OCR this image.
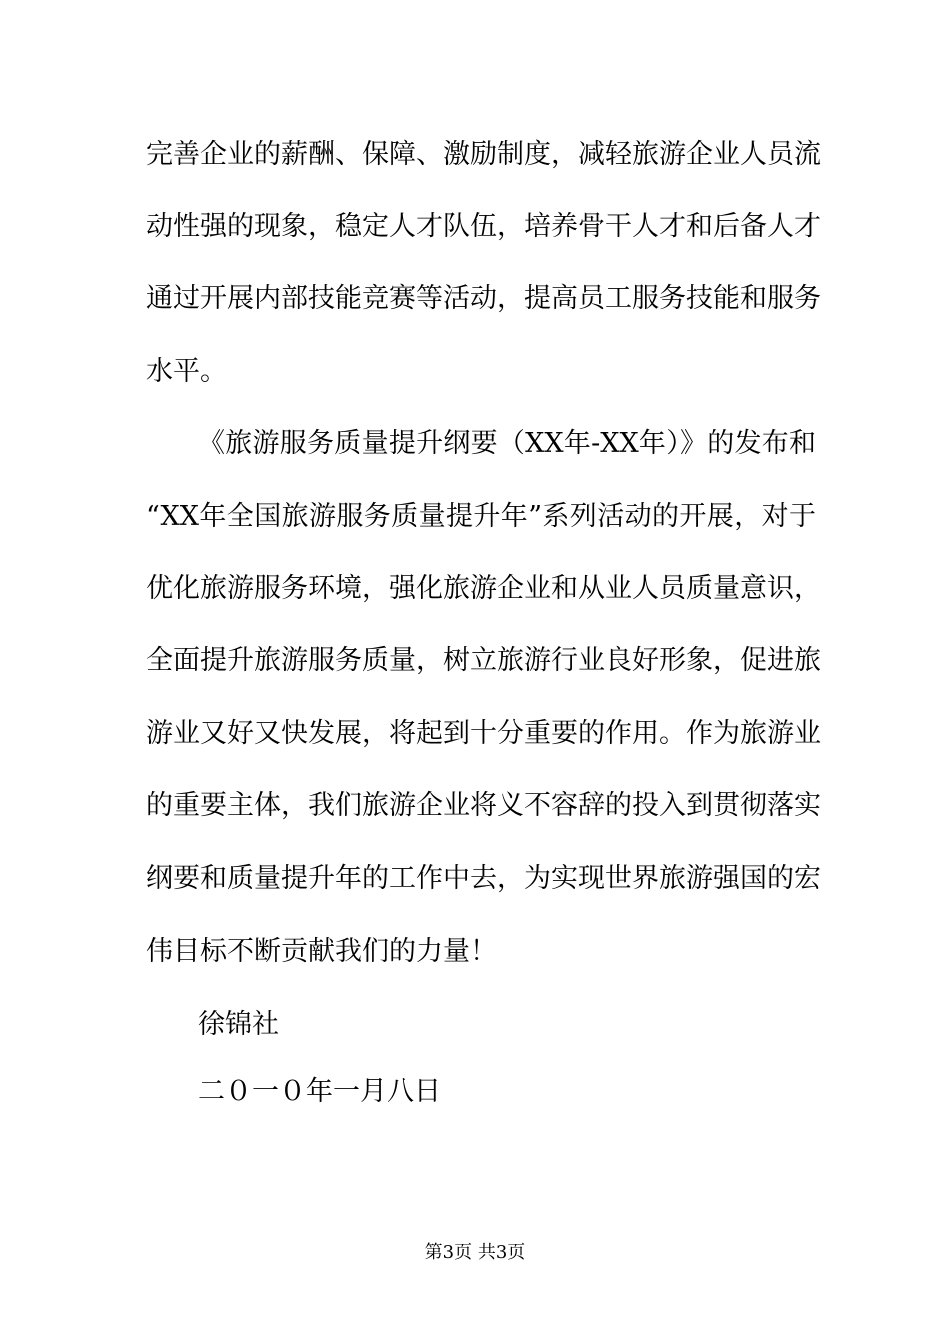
完善企业的薪酬、保障、激励制度，减轻旅游企业人员流
动性强的现象，稳定人才队伍，培养骨干人才和后备人才
通过开展内部技能竞赛等活动，提高员工服务技能和服务
水平。
《旅游服务质量提升纲要（XX年-XX年）》的发布和
“XX年全国旅游服务质量提升年”系列活动的开展，对于
优化旅游服务环境，强化旅游企业和从业人员质量意识，
全面提升旅游服务质量，树立旅游行业良好形象，促进旅
游业又好又快发展，将起到十分重要的作用。作为旅游业
的重要主体，我们旅游企业将义不容辞的投入到贯彻落实
纲要和质量提升年的工作中去，为实现世界旅游强国的宏
伟目标不断贡献我们的力量！
徐锦社
二０一０年一月八日
第3页 共3页
